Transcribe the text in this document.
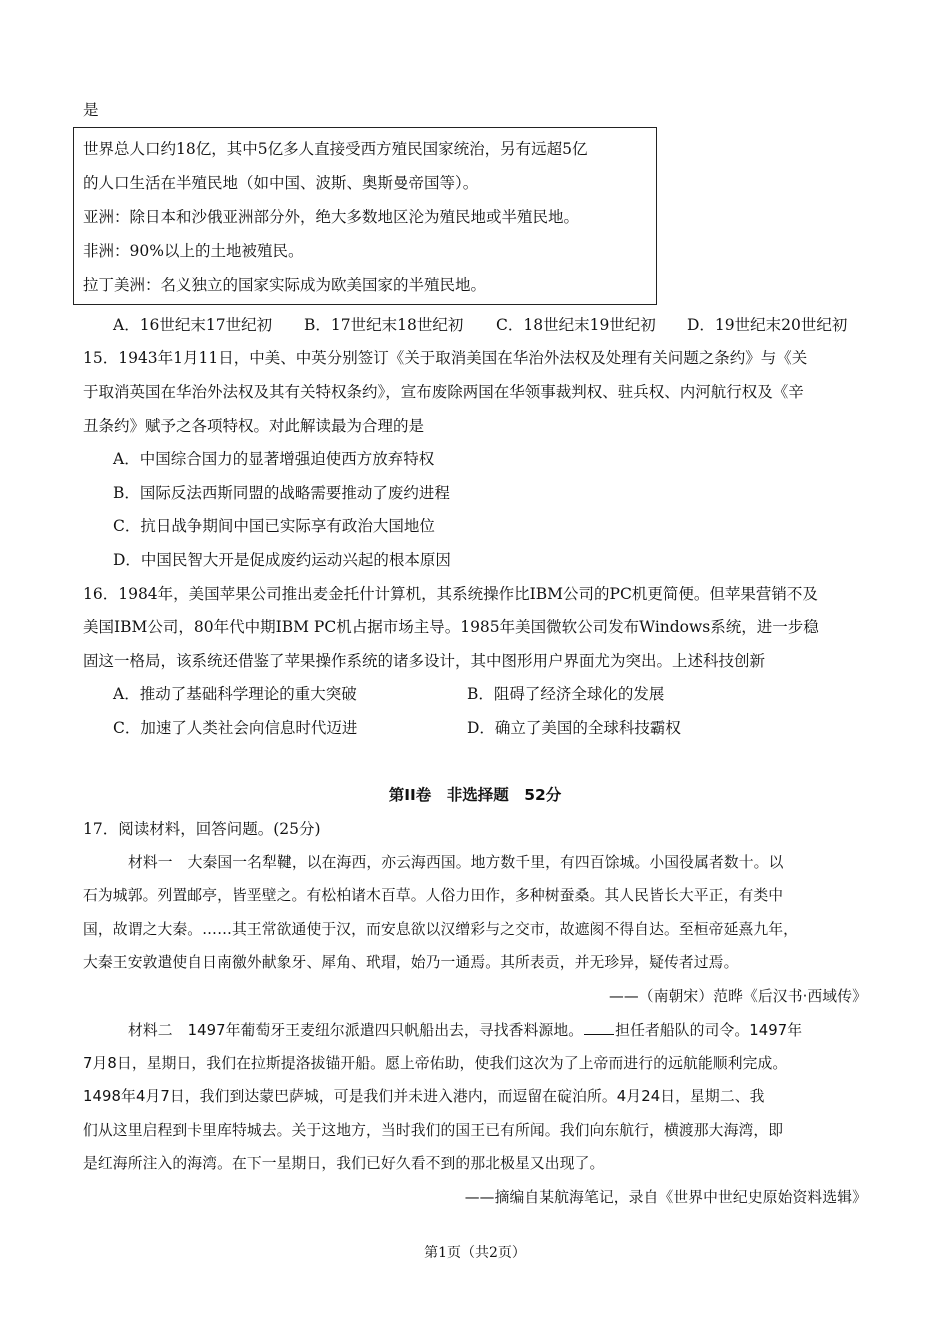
是
世界总人口约18亿，其中5亿多人直接受西方殖民国家统治，另有远超5亿
的人口生活在半殖民地（如中国、波斯、奥斯曼帝国等）。
亚洲：除日本和沙俄亚洲部分外，绝大多数地区沦为殖民地或半殖民地。
非洲：90%以上的土地被殖民。
拉丁美洲：名义独立的国家实际成为欧美国家的半殖民地。
A．16世纪末17世纪初 B．17世纪末18世纪初 C．18世纪末19世纪初 D．19世纪末20世纪初
15．1943年1月11日，中美、中英分别签订《关于取消美国在华治外法权及处理有关问题之条约》与《关
于取消英国在华治外法权及其有关特权条约》，宣布废除两国在华领事裁判权、驻兵权、内河航行权及《辛
丑条约》赋予之各项特权。对此解读最为合理的是
A．中国综合国力的显著增强迫使西方放弃特权
B．国际反法西斯同盟的战略需要推动了废约进程
C．抗日战争期间中国已实际享有政治大国地位
D．中国民智大开是促成废约运动兴起的根本原因
16．1984年，美国苹果公司推出麦金托什计算机，其系统操作比IBM公司的PC机更简便。但苹果营销不及
美国IBM公司，80年代中期IBM PC机占据市场主导。1985年美国微软公司发布Windows系统，进一步稳
固这一格局，该系统还借鉴了苹果操作系统的诸多设计，其中图形用户界面尤为突出。上述科技创新
A．推动了基础科学理论的重大突破	B．阻碍了经济全球化的发展
C．加速了人类社会向信息时代迈进	D．确立了美国的全球科技霸权
第II卷　非选择题　52分
17．阅读材料，回答问题。(25分)
材料一　大秦国一名犁鞬，以在海西，亦云海西国。地方数千里，有四百馀城。小国役属者数十。以
石为城郭。列置邮亭，皆垩壁之。有松柏诸木百草。人俗力田作，多种树蚕桑。其人民皆长大平正，有类中
国，故谓之大秦。……其王常欲通使于汉，而安息欲以汉缯彩与之交市，故遮阂不得自达。至桓帝延熹九年，
大秦王安敦遣使自日南徼外献象牙、犀角、玳瑁，始乃一通焉。其所表贡，并无珍异，疑传者过焉。
——（南朝宋）范晔《后汉书·西域传》
材料二　1497年葡萄牙王麦纽尔派遣四只帆船出去，寻找香料源地。 担任者船队的司令。1497年
7月8日，星期日，我们在拉斯提洛拔锚开船。愿上帝佑助，使我们这次为了上帝而进行的远航能顺利完成。
1498年4月7日，我们到达蒙巴萨城，可是我们并未进入港内，而逗留在碇泊所。4月24日，星期二、我
们从这里启程到卡里库特城去。关于这地方，当时我们的国王已有所闻。我们向东航行，横渡那大海湾，即
是红海所注入的海湾。在下一星期日，我们已好久看不到的那北极星又出现了。
——摘编自某航海笔记，录自《世界中世纪史原始资料选辑》
第1页（共2页）
